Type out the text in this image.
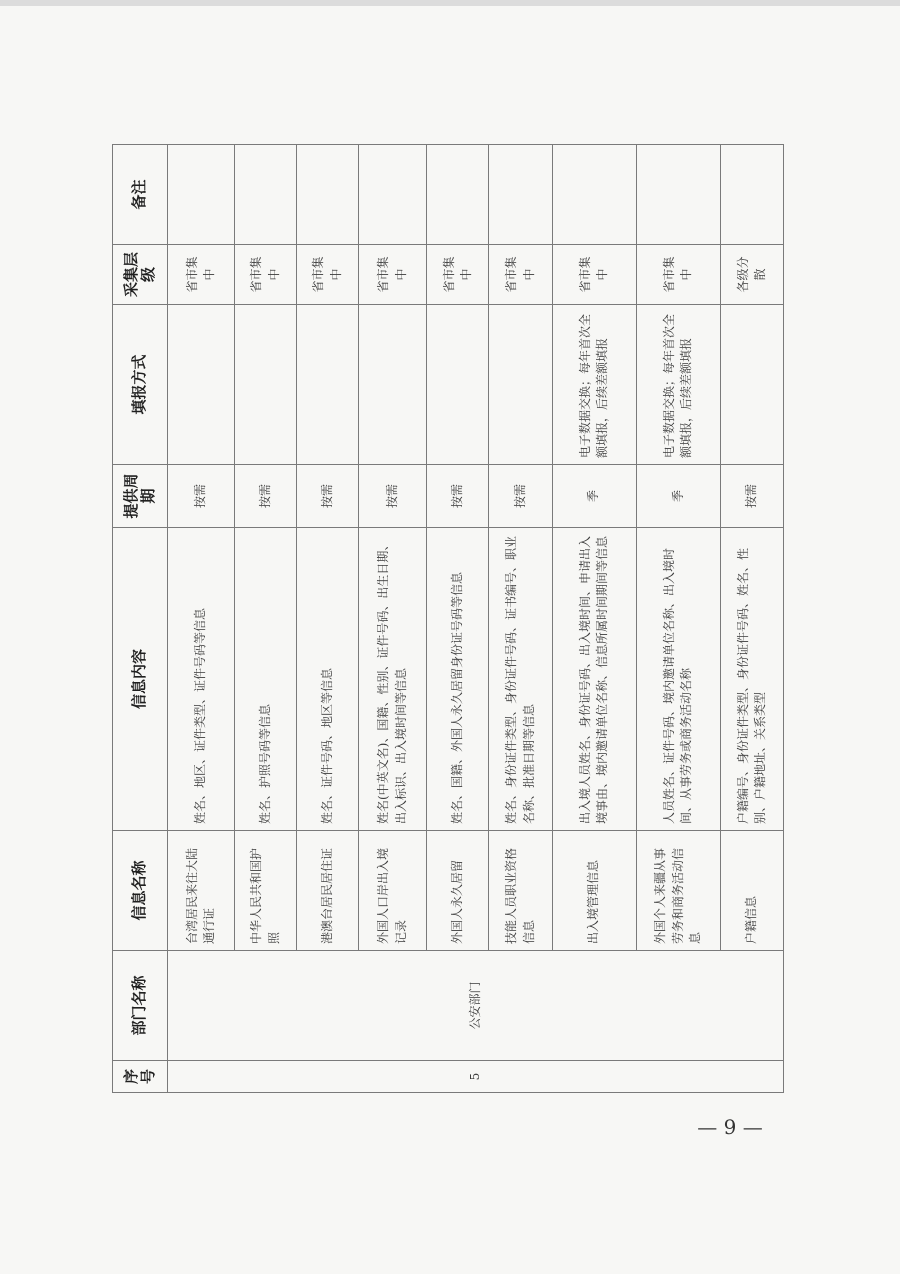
序号	部门名称	信息名称	信息内容	提供周期	填报方式	采集层级	备注
5	公安部门	台湾居民来往大陆通行证	姓名、地区、证件类型、证件号码等信息	按需		省市集中	
		中华人民共和国护照	姓名、护照号码等信息	按需		省市集中	
		港澳台居民居住证	姓名、证件号码、地区等信息	按需		省市集中	
		外国人口岸出入境记录	姓名(中英文名)、国籍、性别、证件号码、出生日期、出入标识、出入境时间等信息	按需		省市集中	
		外国人永久居留	姓名、国籍、外国人永久居留身份证号码等信息	按需		省市集中	
		技能人员职业资格信息	姓名、身份证件类型、身份证件号码、证书编号、职业名称、批准日期等信息	按需		省市集中	
		出入境管理信息	出入境人员姓名、身份证号码、出入境时间、申请出入境事由、境内邀请单位名称、信息所属时间期间等信息	季	电子数据交换；每年首次全额填报，后续差额填报	省市集中	
		外国个人来疆从事劳务和商务活动信息	人员姓名、证件号码、境内邀请单位名称、出入境时间、从事劳务或商务活动名称	季	电子数据交换；每年首次全额填报，后续差额填报	省市集中	
		户籍信息	户籍编号、身份证件类型、身份证件号码、姓名、性别、户籍地址、关系类型	按需		各级分散	
— 9 —
